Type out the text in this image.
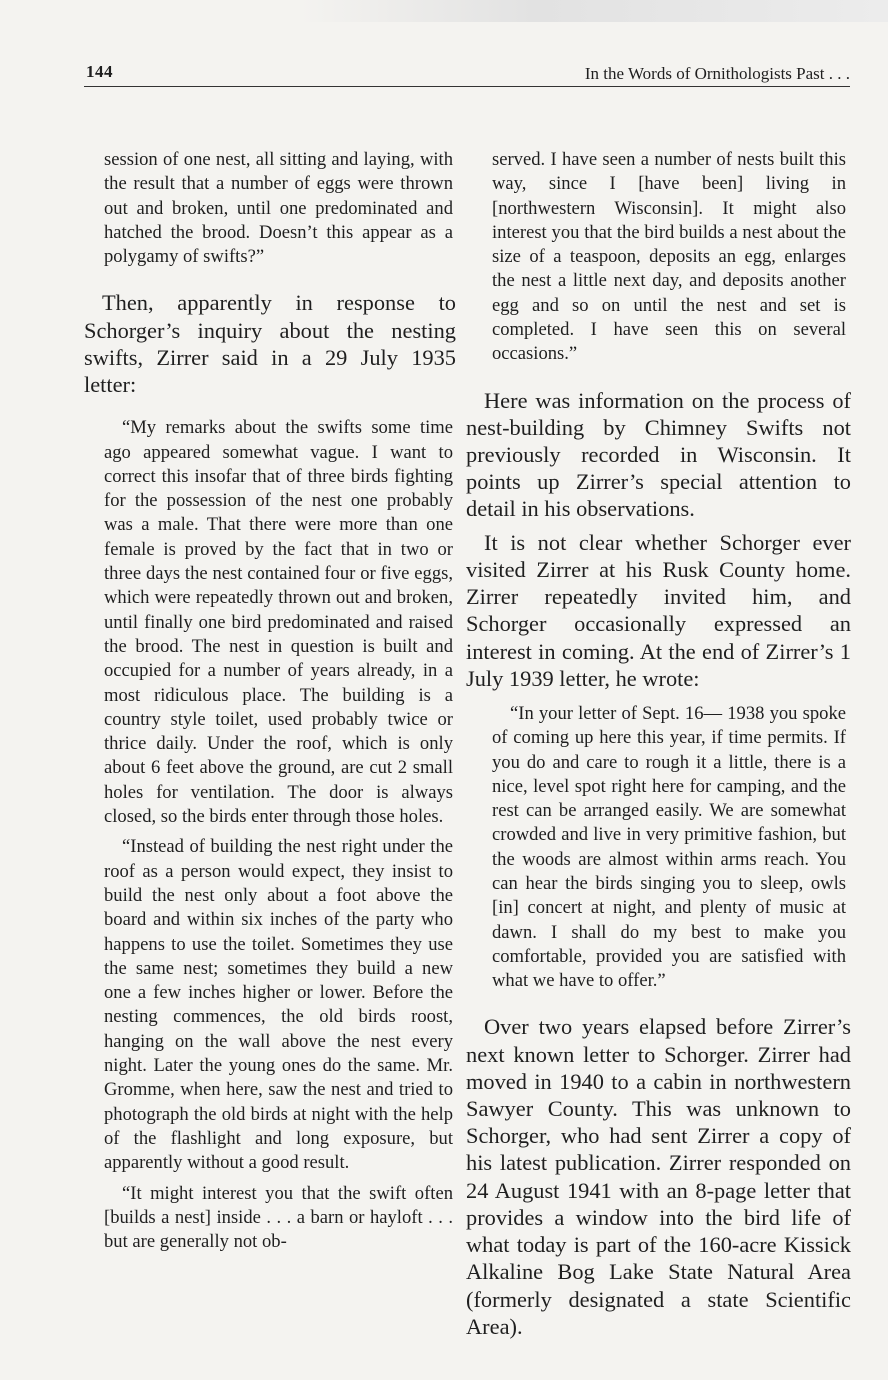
144	In the Words of Ornithologists Past . . .

session of one nest, all sitting and laying, with the result that a number of eggs were thrown out and broken, until one predominated and hatched the brood. Doesn’t this appear as a polygamy of swifts?”

Then, apparently in response to Schorger’s inquiry about the nesting swifts, Zirrer said in a 29 July 1935 letter:

“My remarks about the swifts some time ago appeared somewhat vague. I want to correct this insofar that of three birds fighting for the possession of the nest one probably was a male. That there were more than one female is proved by the fact that in two or three days the nest contained four or five eggs, which were repeatedly thrown out and broken, until finally one bird predominated and raised the brood. The nest in question is built and occupied for a number of years already, in a most ridiculous place. The building is a country style toilet, used probably twice or thrice daily. Under the roof, which is only about 6 feet above the ground, are cut 2 small holes for ventilation. The door is always closed, so the birds enter through those holes.

“Instead of building the nest right under the roof as a person would expect, they insist to build the nest only about a foot above the board and within six inches of the party who happens to use the toilet. Sometimes they use the same nest; sometimes they build a new one a few inches higher or lower. Before the nesting commences, the old birds roost, hanging on the wall above the nest every night. Later the young ones do the same. Mr. Gromme, when here, saw the nest and tried to photograph the old birds at night with the help of the flashlight and long exposure, but apparently without a good result.

“It might interest you that the swift often [builds a nest] inside . . . a barn or hayloft . . . but are generally not ob-

served. I have seen a number of nests built this way, since I [have been] living in [northwestern Wisconsin]. It might also interest you that the bird builds a nest about the size of a teaspoon, deposits an egg, enlarges the nest a little next day, and deposits another egg and so on until the nest and set is completed. I have seen this on several occasions.”

Here was information on the process of nest-building by Chimney Swifts not previously recorded in Wisconsin. It points up Zirrer’s special attention to detail in his observations.

It is not clear whether Schorger ever visited Zirrer at his Rusk County home. Zirrer repeatedly invited him, and Schorger occasionally expressed an interest in coming. At the end of Zirrer’s 1 July 1939 letter, he wrote:

“In your letter of Sept. 16— 1938 you spoke of coming up here this year, if time permits. If you do and care to rough it a little, there is a nice, level spot right here for camping, and the rest can be arranged easily. We are somewhat crowded and live in very primitive fashion, but the woods are almost within arms reach. You can hear the birds singing you to sleep, owls [in] concert at night, and plenty of music at dawn. I shall do my best to make you comfortable, provided you are satisfied with what we have to offer.”

Over two years elapsed before Zirrer’s next known letter to Schorger. Zirrer had moved in 1940 to a cabin in northwestern Sawyer County. This was unknown to Schorger, who had sent Zirrer a copy of his latest publication. Zirrer responded on 24 August 1941 with an 8-page letter that provides a window into the bird life of what today is part of the 160-acre Kissick Alkaline Bog Lake State Natural Area (formerly designated a state Scientific Area).
